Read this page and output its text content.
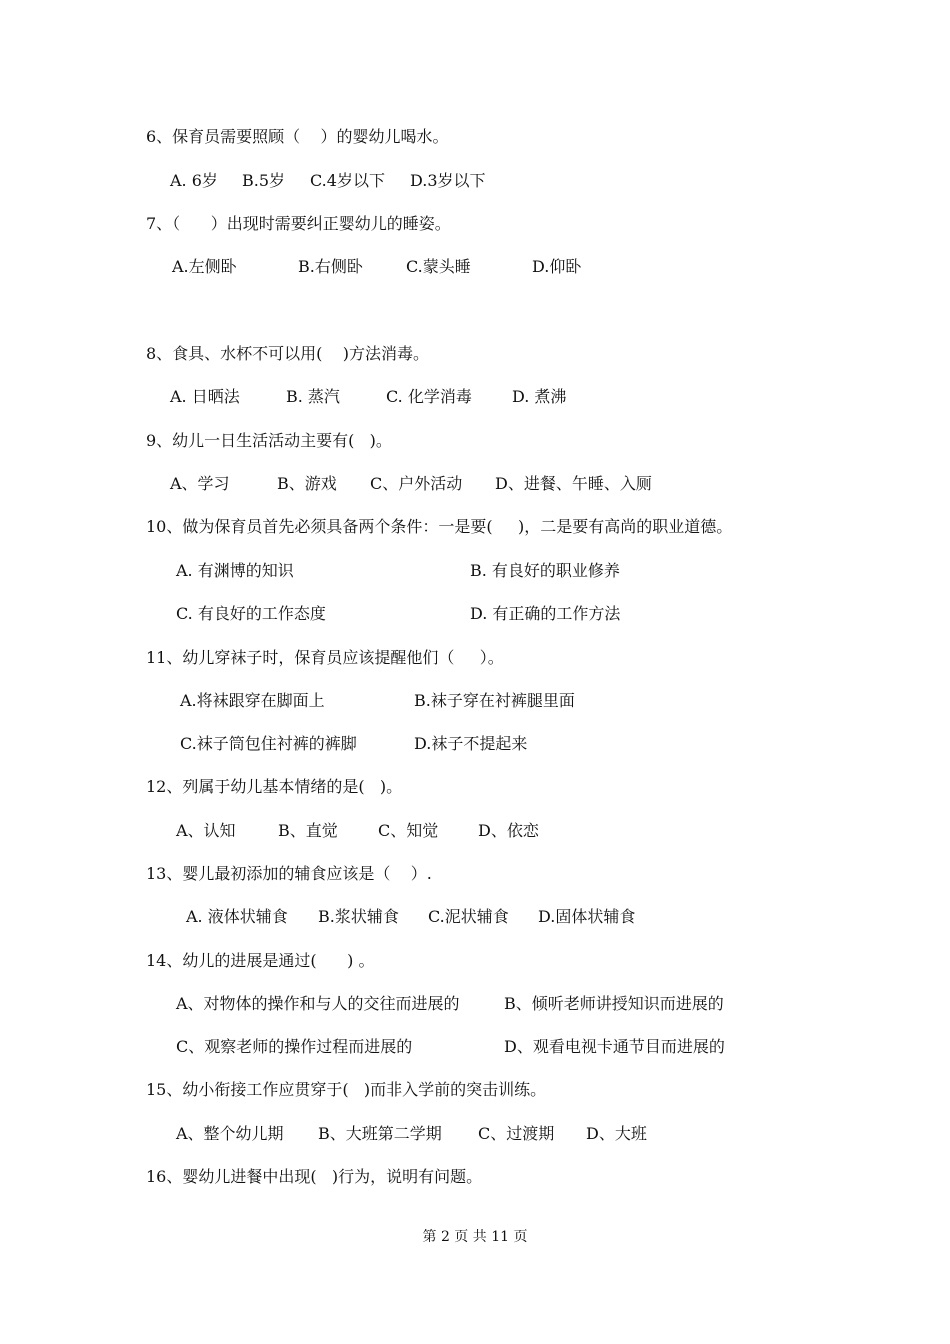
6、保育员需要照顾（    ）的婴幼儿喝水。
A. 6岁 B.5岁 C.4岁以下 D.3岁以下
7、（      ）出现时需要纠正婴幼儿的睡姿。
A.左侧卧	B.右侧卧	C.蒙头睡	D.仰卧
8、食具、水杯不可以用(    )方法消毒。
A. 日晒法	B. 蒸汽	C. 化学消毒	D. 煮沸
9、幼儿一日生活活动主要有(   )。
A、学习	B、游戏 C、户外活动 D、进餐、午睡、入厕
10、做为保育员首先必须具备两个条件：一是要(     )，二是要有高尚的职业道德。
A. 有渊博的知识	B. 有良好的职业修养
C. 有良好的工作态度	D. 有正确的工作方法
11、幼儿穿袜子时，保育员应该提醒他们（     ）。
A.将袜跟穿在脚面上	B.袜子穿在衬裤腿里面
C.袜子筒包住衬裤的裤脚	D.袜子不提起来
12、列属于幼儿基本情绪的是(   )。
A、认知	B、直觉	C、知觉 D、依恋
13、婴儿最初添加的辅食应该是（    ）.
A. 液体状辅食 B.浆状辅食 C.泥状辅食 D.固体状辅食
14、幼儿的进展是通过(      ) 。
A、对物体的操作和与人的交往而进展的	B、倾听老师讲授知识而进展的
C、观察老师的操作过程而进展的	D、观看电视卡通节目而进展的
15、幼小衔接工作应贯穿于(   )而非入学前的突击训练。
A、整个幼儿期 B、大班第二学期 C、过渡期 D、大班
16、婴幼儿进餐中出现(   )行为，说明有问题。
第 2 页 共 11 页
